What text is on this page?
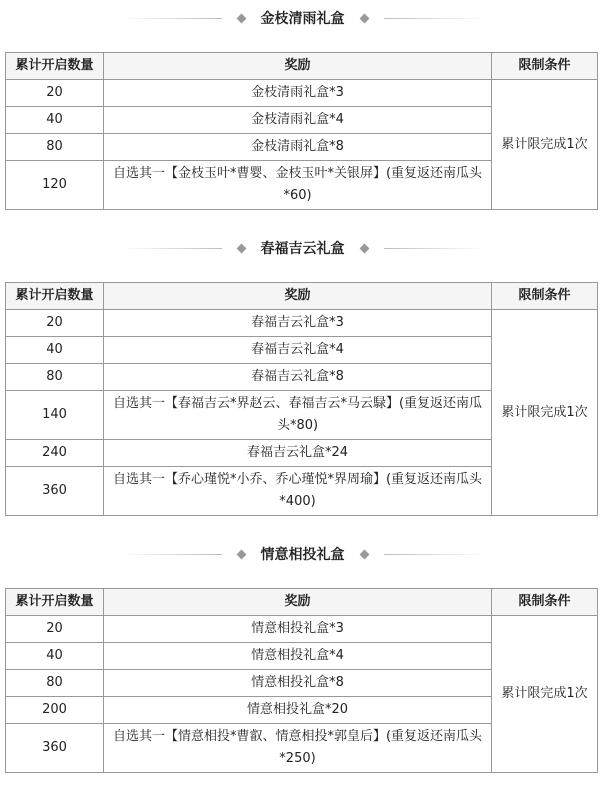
金枝清雨礼盒
累计开启数量	奖励	限制条件
20	金枝清雨礼盒*3	累计限完成1次
40	金枝清雨礼盒*4	
80	金枝清雨礼盒*8	
120	自选其一【金枝玉叶*曹婴、金枝玉叶*关银屏】(重复返还南瓜头*60)	
春福吉云礼盒
累计开启数量	奖励	限制条件
20	春福吉云礼盒*3	累计限完成1次
40	春福吉云礼盒*4	
80	春福吉云礼盒*8	
140	自选其一【春福吉云*界赵云、春福吉云*马云騄】(重复返还南瓜头*80)	
240	春福吉云礼盒*24	
360	自选其一【乔心瑾悦*小乔、乔心瑾悦*界周瑜】(重复返还南瓜头*400)	
情意相投礼盒
累计开启数量	奖励	限制条件
20	情意相投礼盒*3	累计限完成1次
40	情意相投礼盒*4	
80	情意相投礼盒*8	
200	情意相投礼盒*20	
360	自选其一【情意相投*曹叡、情意相投*郭皇后】(重复返还南瓜头*250)	
